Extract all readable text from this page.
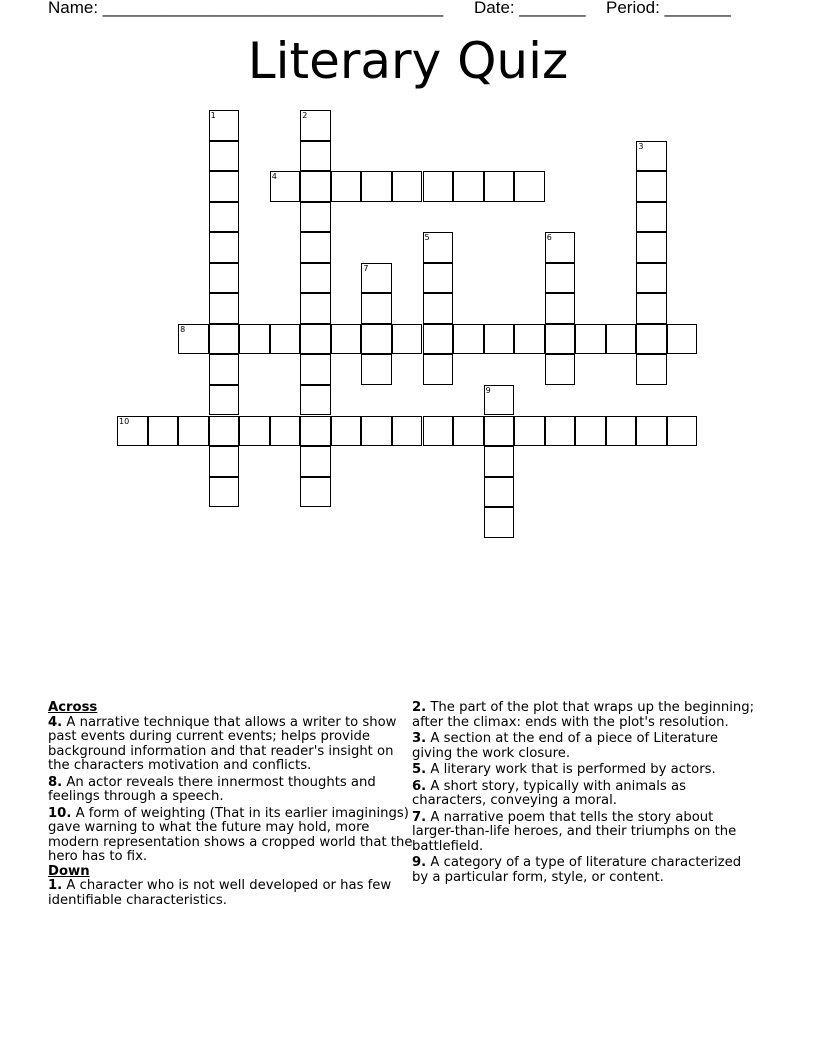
Name: ____________________________________ Date: _______ Period: _______
Literary Quiz
1	2
3
4
5	6
7
8
9
10
Across
4. A narrative technique that allows a writer to show past events during current events; helps provide background information and that reader's insight on the characters motivation and conflicts.
8. An actor reveals there innermost thoughts and feelings through a speech.
10. A form of weighting (That in its earlier imaginings) gave warning to what the future may hold, more modern representation shows a cropped world that the hero has to fix.
Down
1. A character who is not well developed or has few identifiable characteristics.
2. The part of the plot that wraps up the beginning; after the climax: ends with the plot's resolution.
3. A section at the end of a piece of Literature giving the work closure.
5. A literary work that is performed by actors.
6. A short story, typically with animals as characters, conveying a moral.
7. A narrative poem that tells the story about larger-than-life heroes, and their triumphs on the battlefield.
9. A category of a type of literature characterized by a particular form, style, or content.
